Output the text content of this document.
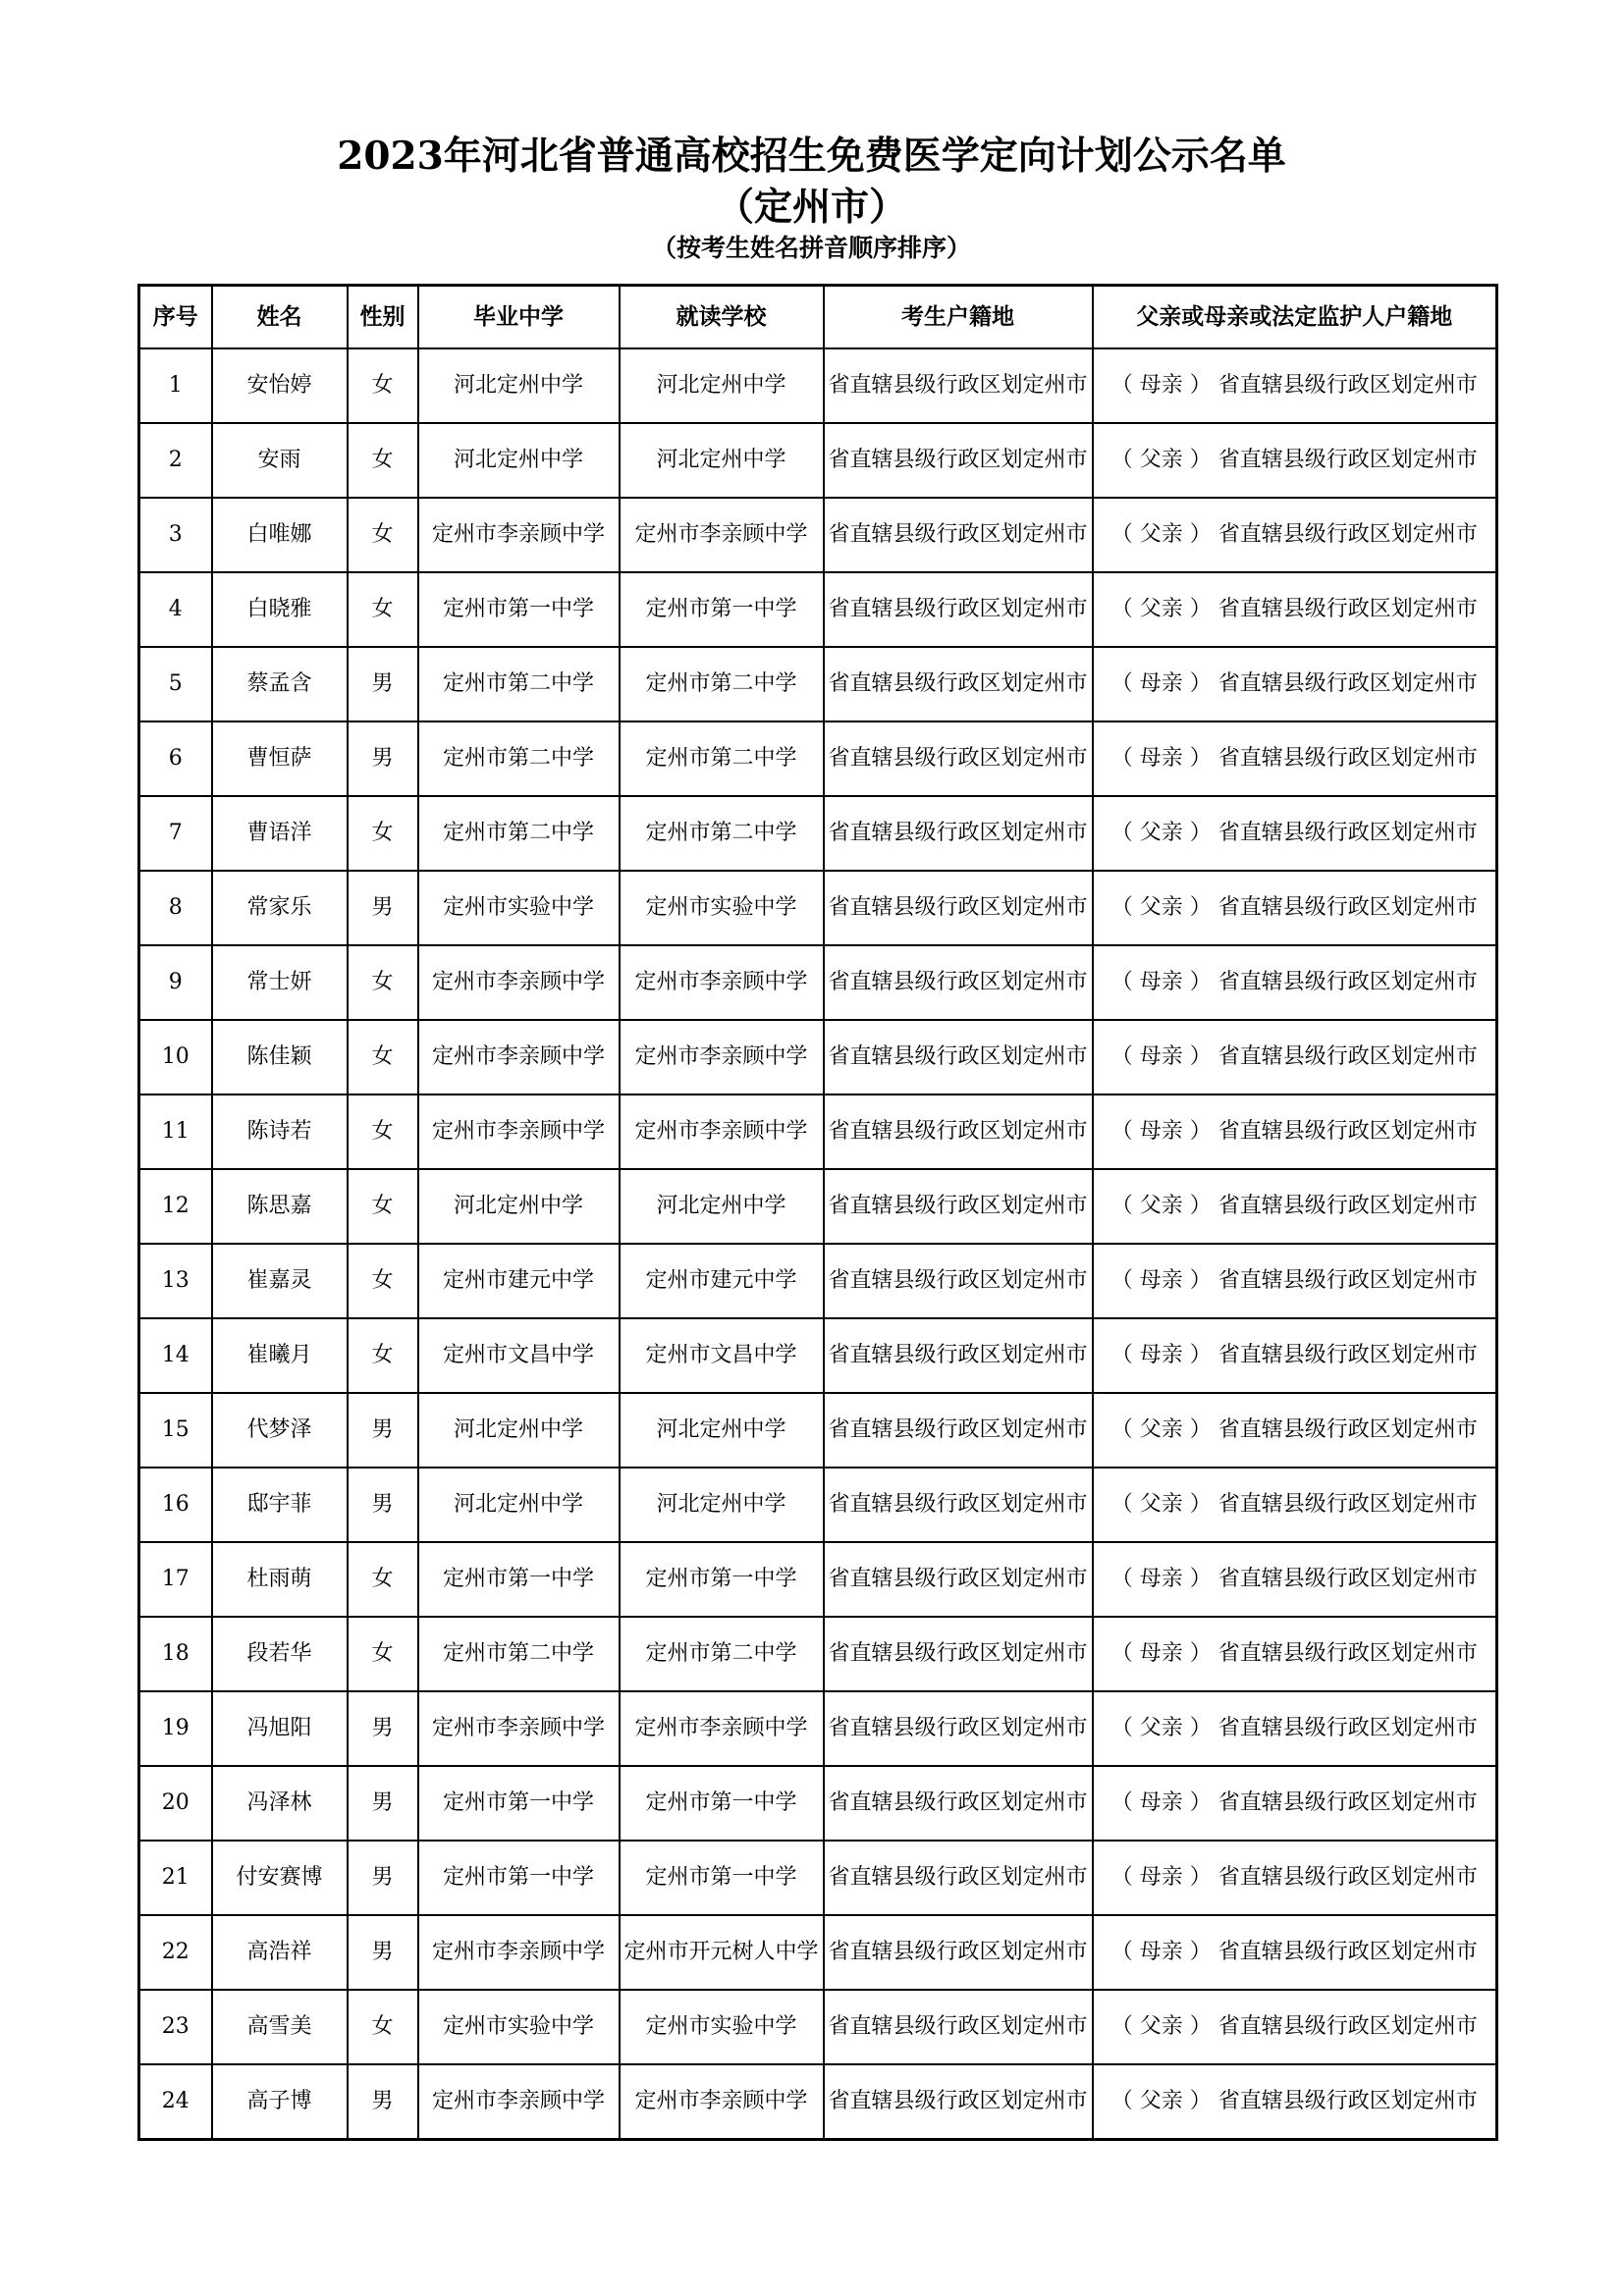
2023年河北省普通高校招生免费医学定向计划公示名单
（定州市）
（按考生姓名拼音顺序排序）
序号	姓名	性别	毕业中学	就读学校	考生户籍地	父亲或母亲或法定监护人户籍地
1	安怡婷	女	河北定州中学	河北定州中学	省直辖县级行政区划定州市	（ 母亲 ） 省直辖县级行政区划定州市
2	安雨	女	河北定州中学	河北定州中学	省直辖县级行政区划定州市	（ 父亲 ） 省直辖县级行政区划定州市
3	白唯娜	女	定州市李亲顾中学	定州市李亲顾中学	省直辖县级行政区划定州市	（ 父亲 ） 省直辖县级行政区划定州市
4	白晓雅	女	定州市第一中学	定州市第一中学	省直辖县级行政区划定州市	（ 父亲 ） 省直辖县级行政区划定州市
5	蔡孟含	男	定州市第二中学	定州市第二中学	省直辖县级行政区划定州市	（ 母亲 ） 省直辖县级行政区划定州市
6	曹恒萨	男	定州市第二中学	定州市第二中学	省直辖县级行政区划定州市	（ 母亲 ） 省直辖县级行政区划定州市
7	曹语洋	女	定州市第二中学	定州市第二中学	省直辖县级行政区划定州市	（ 父亲 ） 省直辖县级行政区划定州市
8	常家乐	男	定州市实验中学	定州市实验中学	省直辖县级行政区划定州市	（ 父亲 ） 省直辖县级行政区划定州市
9	常士妍	女	定州市李亲顾中学	定州市李亲顾中学	省直辖县级行政区划定州市	（ 母亲 ） 省直辖县级行政区划定州市
10	陈佳颖	女	定州市李亲顾中学	定州市李亲顾中学	省直辖县级行政区划定州市	（ 母亲 ） 省直辖县级行政区划定州市
11	陈诗若	女	定州市李亲顾中学	定州市李亲顾中学	省直辖县级行政区划定州市	（ 母亲 ） 省直辖县级行政区划定州市
12	陈思嘉	女	河北定州中学	河北定州中学	省直辖县级行政区划定州市	（ 父亲 ） 省直辖县级行政区划定州市
13	崔嘉灵	女	定州市建元中学	定州市建元中学	省直辖县级行政区划定州市	（ 母亲 ） 省直辖县级行政区划定州市
14	崔曦月	女	定州市文昌中学	定州市文昌中学	省直辖县级行政区划定州市	（ 母亲 ） 省直辖县级行政区划定州市
15	代梦泽	男	河北定州中学	河北定州中学	省直辖县级行政区划定州市	（ 父亲 ） 省直辖县级行政区划定州市
16	邸宇菲	男	河北定州中学	河北定州中学	省直辖县级行政区划定州市	（ 父亲 ） 省直辖县级行政区划定州市
17	杜雨萌	女	定州市第一中学	定州市第一中学	省直辖县级行政区划定州市	（ 母亲 ） 省直辖县级行政区划定州市
18	段若华	女	定州市第二中学	定州市第二中学	省直辖县级行政区划定州市	（ 母亲 ） 省直辖县级行政区划定州市
19	冯旭阳	男	定州市李亲顾中学	定州市李亲顾中学	省直辖县级行政区划定州市	（ 父亲 ） 省直辖县级行政区划定州市
20	冯泽林	男	定州市第一中学	定州市第一中学	省直辖县级行政区划定州市	（ 母亲 ） 省直辖县级行政区划定州市
21	付安赛博	男	定州市第一中学	定州市第一中学	省直辖县级行政区划定州市	（ 母亲 ） 省直辖县级行政区划定州市
22	高浩祥	男	定州市李亲顾中学	定州市开元树人中学	省直辖县级行政区划定州市	（ 母亲 ） 省直辖县级行政区划定州市
23	高雪美	女	定州市实验中学	定州市实验中学	省直辖县级行政区划定州市	（ 父亲 ） 省直辖县级行政区划定州市
24	高子博	男	定州市李亲顾中学	定州市李亲顾中学	省直辖县级行政区划定州市	（ 父亲 ） 省直辖县级行政区划定州市
